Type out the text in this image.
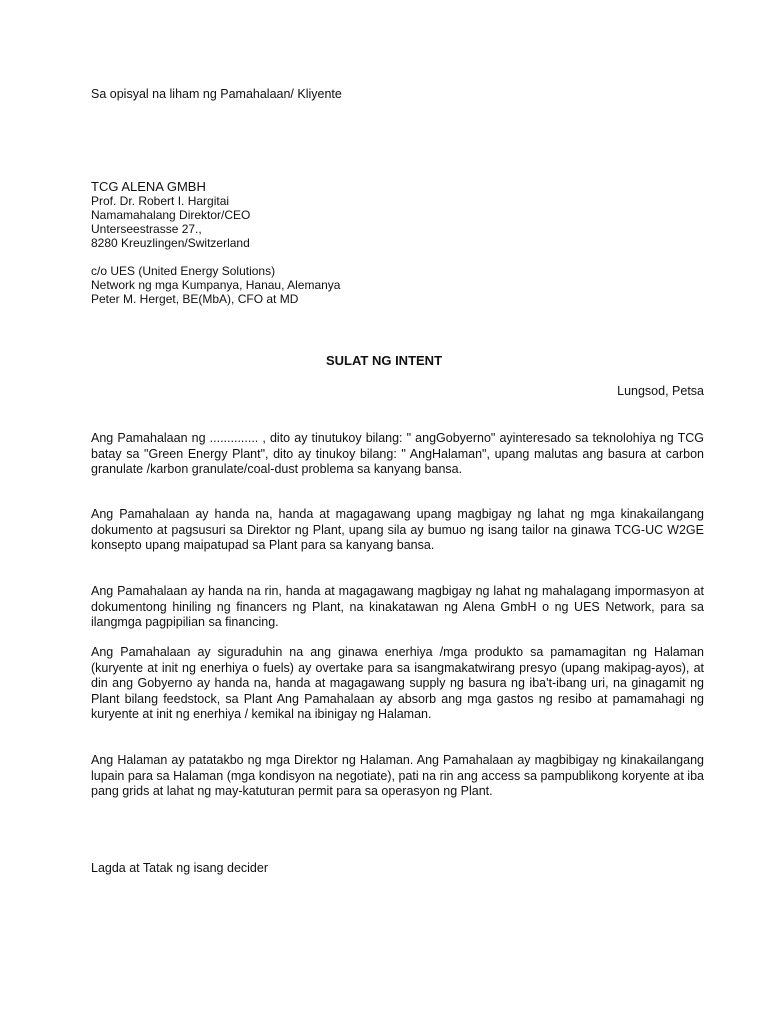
Sa opisyal na liham ng Pamahalaan/ Kliyente
TCG ALENA GMBH
Prof. Dr. Robert I. Hargitai
Namamahalang Direktor/CEO
Unterseestrasse 27.,
8280 Kreuzlingen/Switzerland
c/o UES (United Energy Solutions)
Network ng mga Kumpanya, Hanau, Alemanya
Peter M. Herget, BE(MbA), CFO at MD
SULAT NG INTENT
Lungsod, Petsa

Ang Pamahalaan ng .............. , dito ay tinutukoy bilang: " angGobyerno" ayinteresado sa teknolohiya ng TCG batay sa "Green Energy Plant", dito ay tinukoy bilang: " AngHalaman", upang malutas ang basura at carbon granulate /karbon granulate/coal-dust problema sa kanyang bansa.

Ang Pamahalaan ay handa na, handa at magagawang upang magbigay ng lahat ng mga kinakailangang dokumento at pagsusuri sa Direktor ng Plant, upang sila ay bumuo ng isang tailor na ginawa TCG-UC W2GE konsepto upang maipatupad sa Plant para sa kanyang bansa.

Ang Pamahalaan ay handa na rin, handa at magagawang magbigay ng lahat ng mahalagang impormasyon at dokumentong hiniling ng financers ng Plant, na kinakatawan ng Alena GmbH o ng UES Network, para sa ilangmga pagpipilian sa financing.

Ang Pamahalaan ay siguraduhin na ang ginawa enerhiya /mga produkto sa pamamagitan ng Halaman (kuryente at init ng enerhiya o fuels) ay overtake para sa isangmakatwirang presyo (upang makipag-ayos), at din ang Gobyerno ay handa na, handa at magagawang supply ng basura ng iba't-ibang uri, na ginagamit ng Plant bilang feedstock, sa Plant Ang Pamahalaan ay absorb ang mga gastos ng resibo at pamamahagi ng kuryente at init ng enerhiya / kemikal na ibinigay ng Halaman.

Ang Halaman ay patatakbo ng mga Direktor ng Halaman. Ang Pamahalaan ay magbibigay ng kinakailangang lupain para sa Halaman (mga kondisyon na negotiate), pati na rin ang access sa pampublikong koryente at iba pang grids at lahat ng may-katuturan permit para sa operasyon ng Plant.

Lagda at Tatak ng isang decider
